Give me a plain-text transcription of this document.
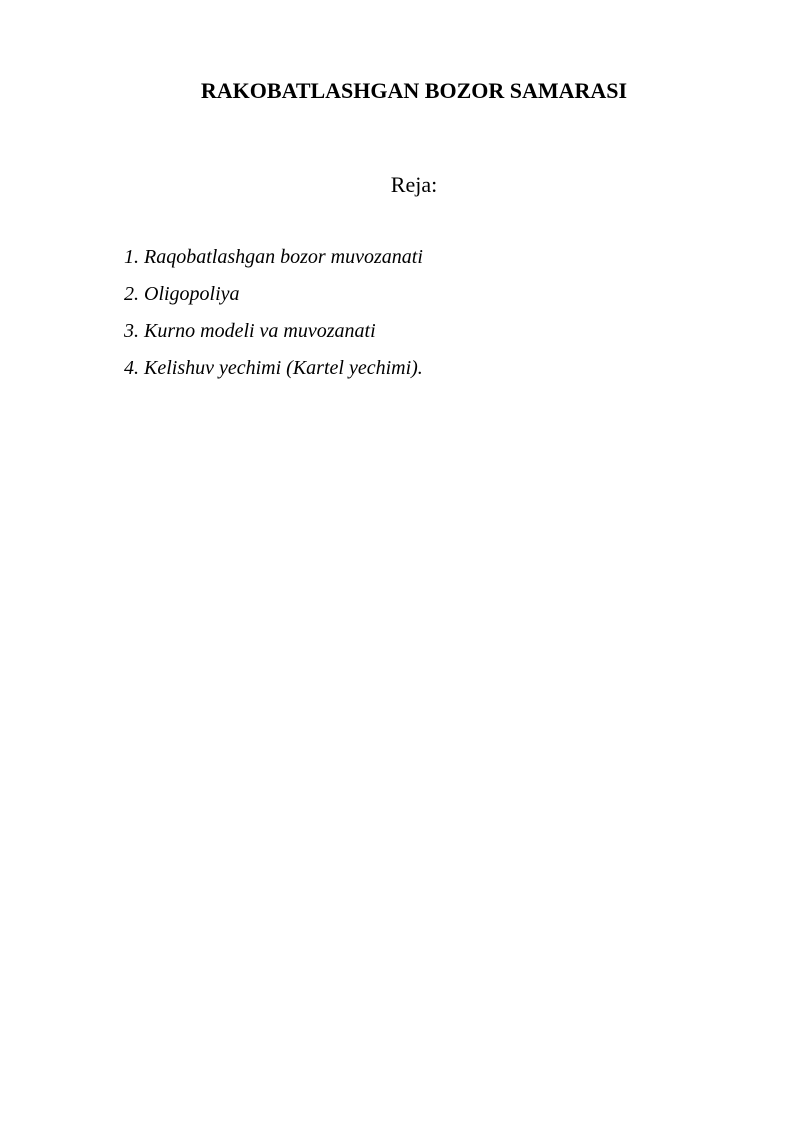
RAKOBATLASHGAN BOZOR SAMARASI

Reja:

1. Raqobatlashgan bozor muvozanati
2. Oligopoliya
3. Kurno modeli va muvozanati
4. Kelishuv yechimi (Kartel yechimi).
